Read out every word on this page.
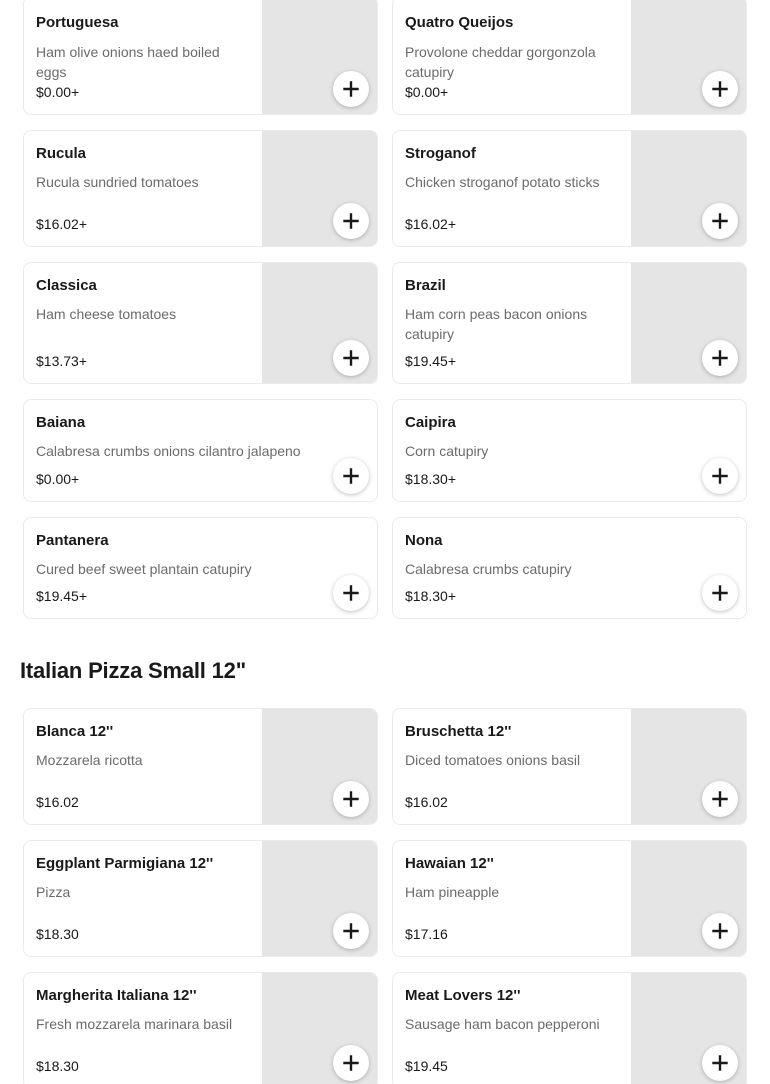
Portuguesa
Ham olive onions haed boiled eggs
$0.00+
Quatro Queijos
Provolone cheddar gorgonzola catupiry
$0.00+
Rucula
Rucula sundried tomatoes
$16.02+
Stroganof
Chicken stroganof potato sticks
$16.02+
Classica
Ham cheese tomatoes
$13.73+
Brazil
Ham corn peas bacon onions catupiry
$19.45+
Baiana
Calabresa crumbs onions cilantro jalapeno
$0.00+
Caipira
Corn catupiry
$18.30+
Pantanera
Cured beef sweet plantain catupiry
$19.45+
Nona
Calabresa crumbs catupiry
$18.30+
Italian Pizza Small 12"
Blanca 12''
Mozzarela ricotta
$16.02
Bruschetta 12''
Diced tomatoes onions basil
$16.02
Eggplant Parmigiana 12''
Pizza
$18.30
Hawaian 12''
Ham pineapple
$17.16
Margherita Italiana 12''
Fresh mozzarela marinara basil
$18.30
Meat Lovers 12''
Sausage ham bacon pepperoni
$19.45
